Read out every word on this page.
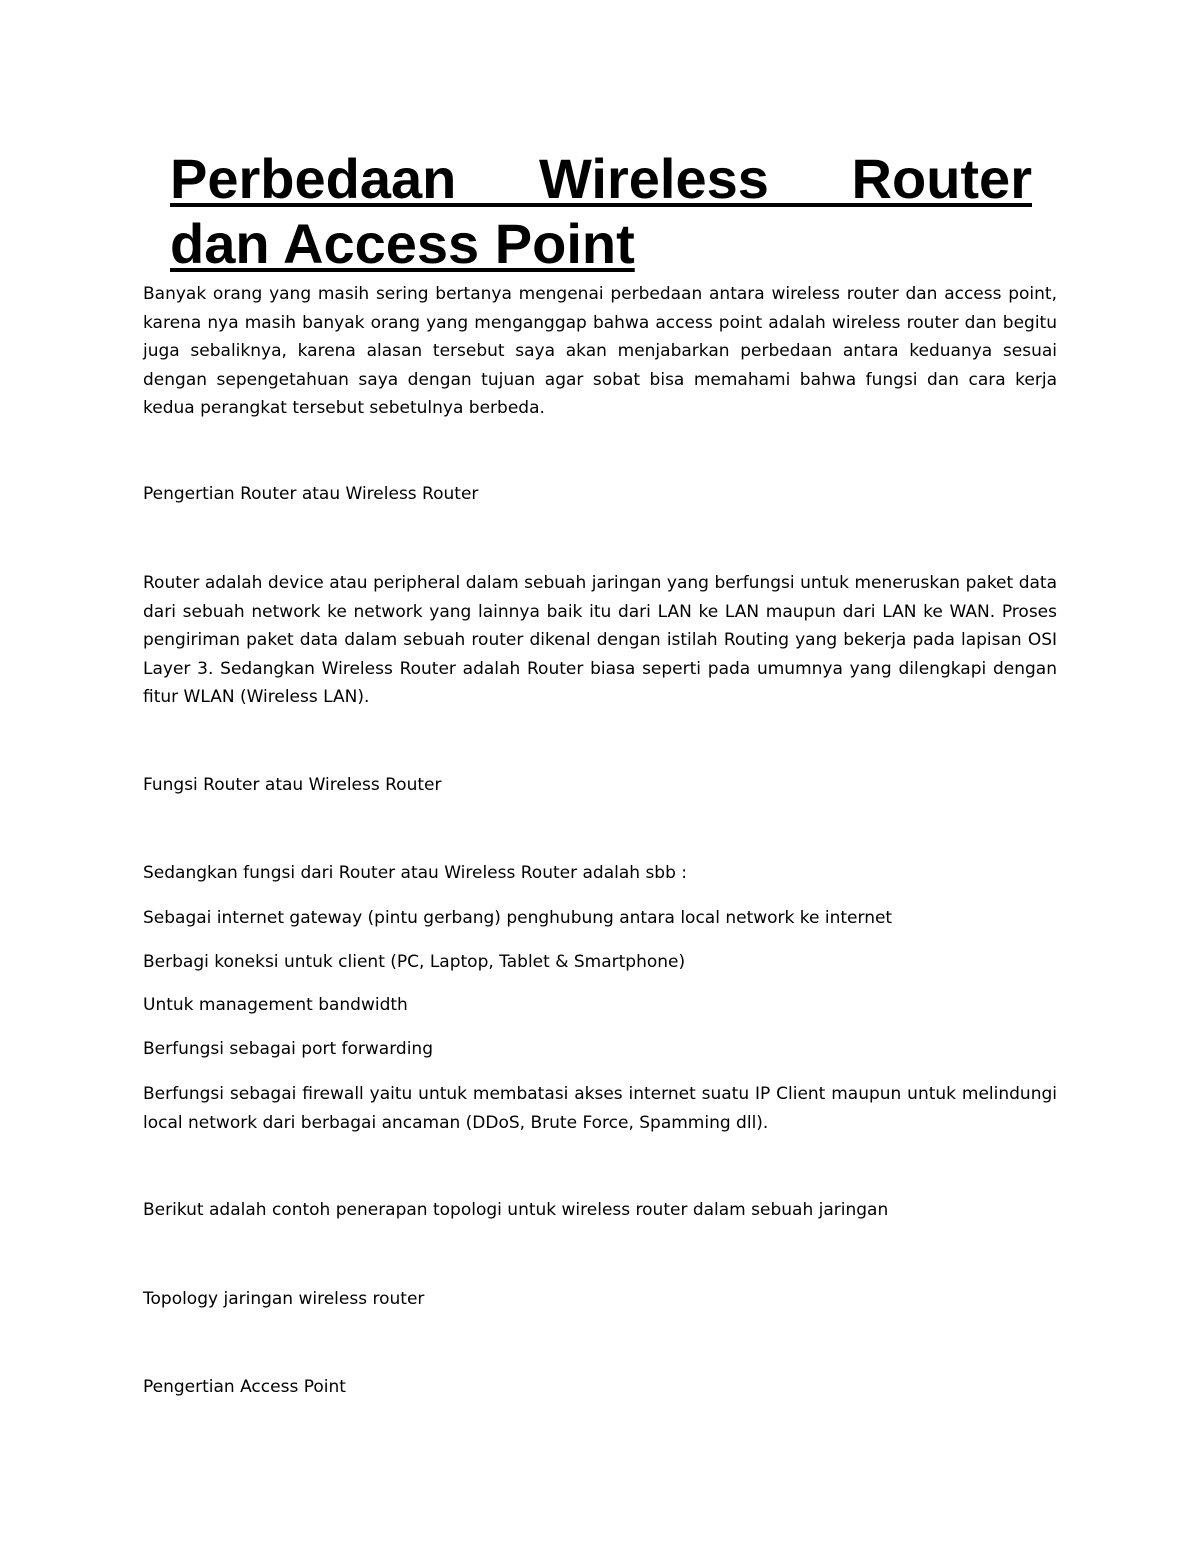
Perbedaan Wireless Router
dan Access Point

Banyak orang yang masih sering bertanya mengenai perbedaan antara wireless router dan access point, karena nya masih banyak orang yang menganggap bahwa access point adalah wireless router dan begitu juga sebaliknya, karena alasan tersebut saya akan menjabarkan perbedaan antara keduanya sesuai dengan sepengetahuan saya dengan tujuan agar sobat bisa memahami bahwa fungsi dan cara kerja kedua perangkat tersebut sebetulnya berbeda.

Pengertian Router atau Wireless Router

Router adalah device atau peripheral dalam sebuah jaringan yang berfungsi untuk meneruskan paket data dari sebuah network ke network yang lainnya baik itu dari LAN ke LAN maupun dari LAN ke WAN. Proses pengiriman paket data dalam sebuah router dikenal dengan istilah Routing yang bekerja pada lapisan OSI Layer 3. Sedangkan Wireless Router adalah Router biasa seperti pada umumnya yang dilengkapi dengan fitur WLAN (Wireless LAN).

Fungsi Router atau Wireless Router

Sedangkan fungsi dari Router atau Wireless Router adalah sbb :

Sebagai internet gateway (pintu gerbang) penghubung antara local network ke internet

Berbagi koneksi untuk client (PC, Laptop, Tablet & Smartphone)

Untuk management bandwidth

Berfungsi sebagai port forwarding

Berfungsi sebagai firewall yaitu untuk membatasi akses internet suatu IP Client maupun untuk melindungi local network dari berbagai ancaman (DDoS, Brute Force, Spamming dll).

Berikut adalah contoh penerapan topologi untuk wireless router dalam sebuah jaringan

Topology jaringan wireless router

Pengertian Access Point
